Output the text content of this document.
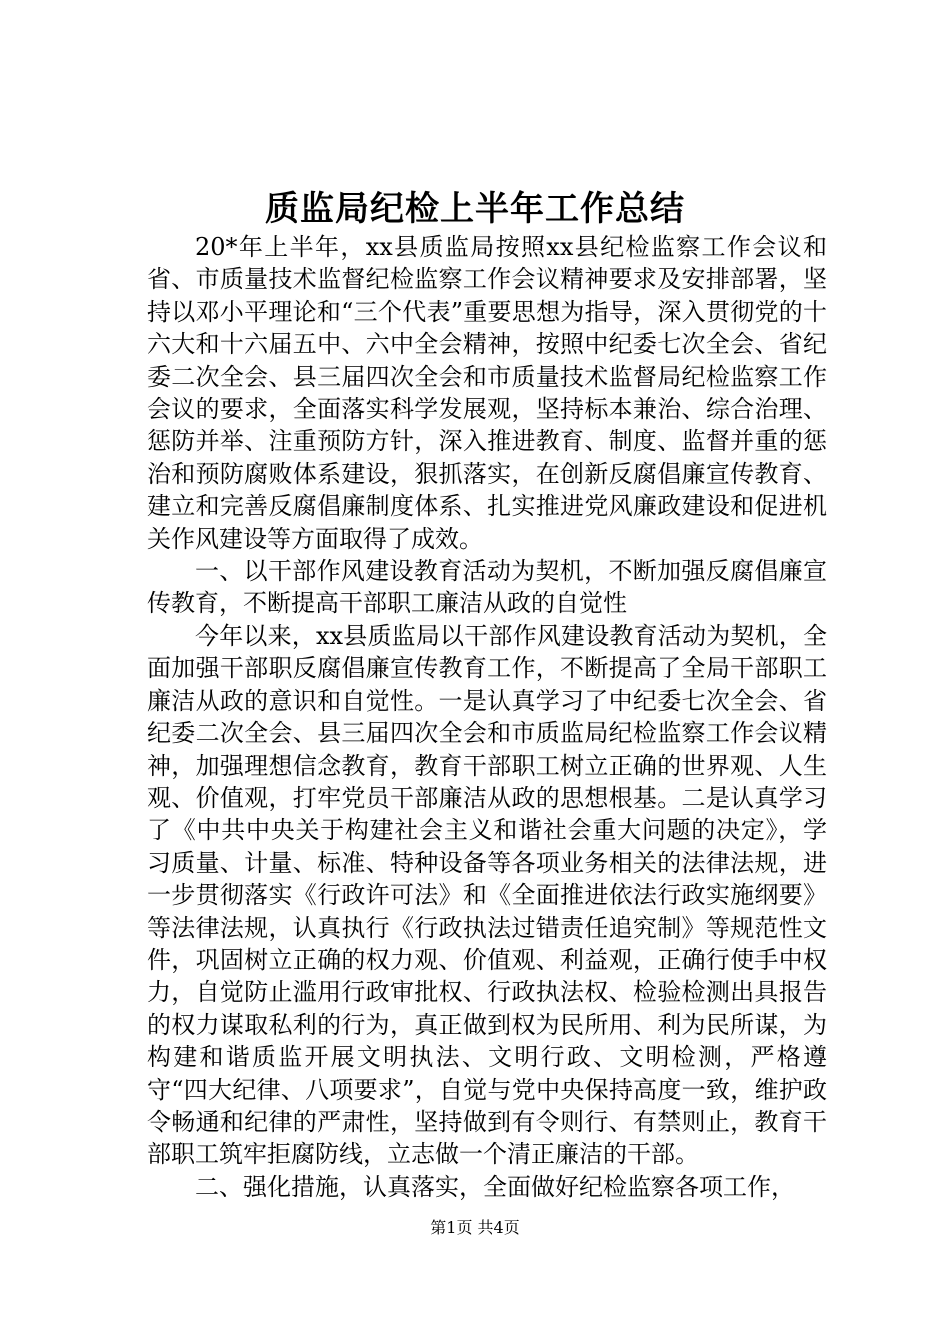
质监局纪检上半年工作总结

20*年上半年，xx县质监局按照xx县纪检监察工作会议和省、市质量技术监督纪检监察工作会议精神要求及安排部署，坚持以邓小平理论和“三个代表”重要思想为指导，深入贯彻党的十六大和十六届五中、六中全会精神，按照中纪委七次全会、省纪委二次全会、县三届四次全会和市质量技术监督局纪检监察工作会议的要求，全面落实科学发展观，坚持标本兼治、综合治理、惩防并举、注重预防方针，深入推进教育、制度、监督并重的惩治和预防腐败体系建设，狠抓落实，在创新反腐倡廉宣传教育、建立和完善反腐倡廉制度体系、扎实推进党风廉政建设和促进机关作风建设等方面取得了成效。

一、以干部作风建设教育活动为契机，不断加强反腐倡廉宣传教育，不断提高干部职工廉洁从政的自觉性

今年以来，xx县质监局以干部作风建设教育活动为契机，全面加强干部职反腐倡廉宣传教育工作，不断提高了全局干部职工廉洁从政的意识和自觉性。一是认真学习了中纪委七次全会、省纪委二次全会、县三届四次全会和市质监局纪检监察工作会议精神，加强理想信念教育，教育干部职工树立正确的世界观、人生观、价值观，打牢党员干部廉洁从政的思想根基。二是认真学习了《中共中央关于构建社会主义和谐社会重大问题的决定》，学习质量、计量、标准、特种设备等各项业务相关的法律法规，进一步贯彻落实《行政许可法》和《全面推进依法行政实施纲要》等法律法规，认真执行《行政执法过错责任追究制》等规范性文件，巩固树立正确的权力观、价值观、利益观，正确行使手中权力，自觉防止滥用行政审批权、行政执法权、检验检测出具报告的权力谋取私利的行为，真正做到权为民所用、利为民所谋，为构建和谐质监开展文明执法、文明行政、文明检测，严格遵守“四大纪律、八项要求”，自觉与党中央保持高度一致，维护政令畅通和纪律的严肃性，坚持做到有令则行、有禁则止，教育干部职工筑牢拒腐防线，立志做一个清正廉洁的干部。

二、强化措施，认真落实，全面做好纪检监察各项工作，

第1页 共4页
